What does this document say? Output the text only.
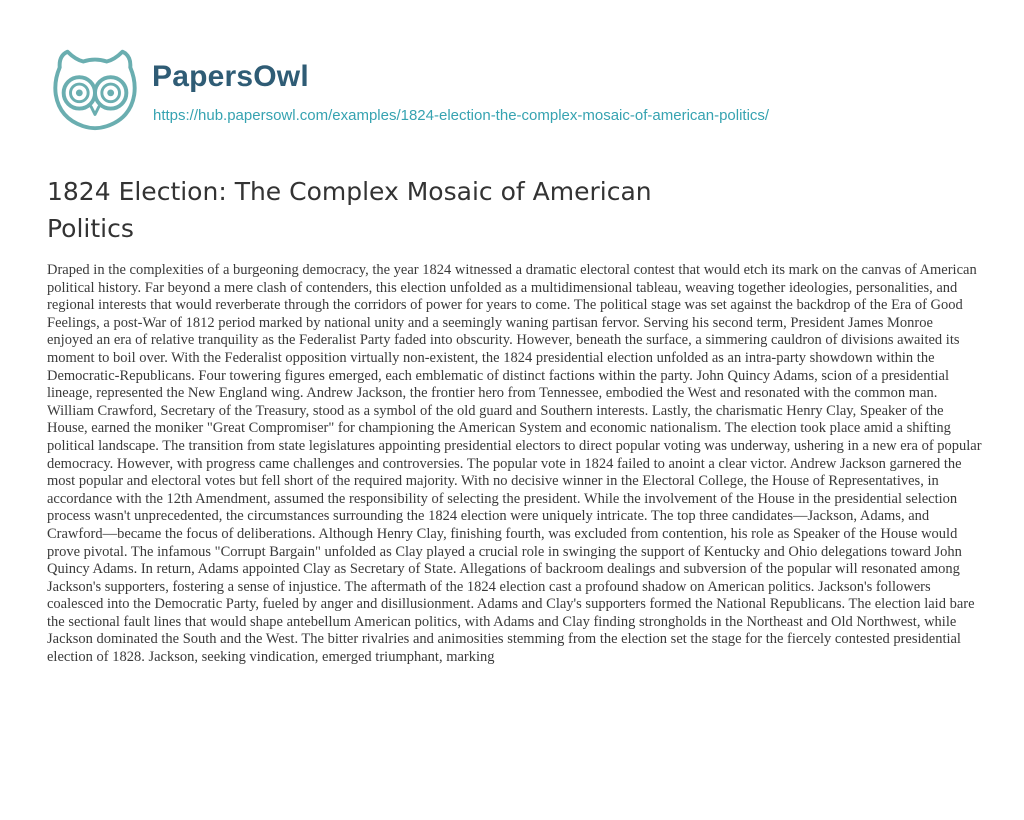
PapersOwl
https://hub.papersowl.com/examples/1824-election-the-complex-mosaic-of-american-politics/
1824 Election: The Complex Mosaic of American Politics

Draped in the complexities of a burgeoning democracy, the year 1824 witnessed a dramatic electoral contest that would etch its mark on the canvas of American political history. Far beyond a mere clash of contenders, this election unfolded as a multidimensional tableau, weaving together ideologies, personalities, and regional interests that would reverberate through the corridors of power for years to come. The political stage was set against the backdrop of the Era of Good Feelings, a post-War of 1812 period marked by national unity and a seemingly waning partisan fervor. Serving his second term, President James Monroe enjoyed an era of relative tranquility as the Federalist Party faded into obscurity. However, beneath the surface, a simmering cauldron of divisions awaited its moment to boil over. With the Federalist opposition virtually non-existent, the 1824 presidential election unfolded as an intra-party showdown within the Democratic-Republicans. Four towering figures emerged, each emblematic of distinct factions within the party. John Quincy Adams, scion of a presidential lineage, represented the New England wing. Andrew Jackson, the frontier hero from Tennessee, embodied the West and resonated with the common man. William Crawford, Secretary of the Treasury, stood as a symbol of the old guard and Southern interests. Lastly, the charismatic Henry Clay, Speaker of the House, earned the moniker "Great Compromiser" for championing the American System and economic nationalism. The election took place amid a shifting political landscape. The transition from state legislatures appointing presidential electors to direct popular voting was underway, ushering in a new era of popular democracy. However, with progress came challenges and controversies. The popular vote in 1824 failed to anoint a clear victor. Andrew Jackson garnered the most popular and electoral votes but fell short of the required majority. With no decisive winner in the Electoral College, the House of Representatives, in accordance with the 12th Amendment, assumed the responsibility of selecting the president. While the involvement of the House in the presidential selection process wasn't unprecedented, the circumstances surrounding the 1824 election were uniquely intricate. The top three candidates—Jackson, Adams, and Crawford—became the focus of deliberations. Although Henry Clay, finishing fourth, was excluded from contention, his role as Speaker of the House would prove pivotal. The infamous "Corrupt Bargain" unfolded as Clay played a crucial role in swinging the support of Kentucky and Ohio delegations toward John Quincy Adams. In return, Adams appointed Clay as Secretary of State. Allegations of backroom dealings and subversion of the popular will resonated among Jackson's supporters, fostering a sense of injustice. The aftermath of the 1824 election cast a profound shadow on American politics. Jackson's followers coalesced into the Democratic Party, fueled by anger and disillusionment. Adams and Clay's supporters formed the National Republicans. The election laid bare the sectional fault lines that would shape antebellum American politics, with Adams and Clay finding strongholds in the Northeast and Old Northwest, while Jackson dominated the South and the West. The bitter rivalries and animosities stemming from the election set the stage for the fiercely contested presidential election of 1828. Jackson, seeking vindication, emerged triumphant, marking
